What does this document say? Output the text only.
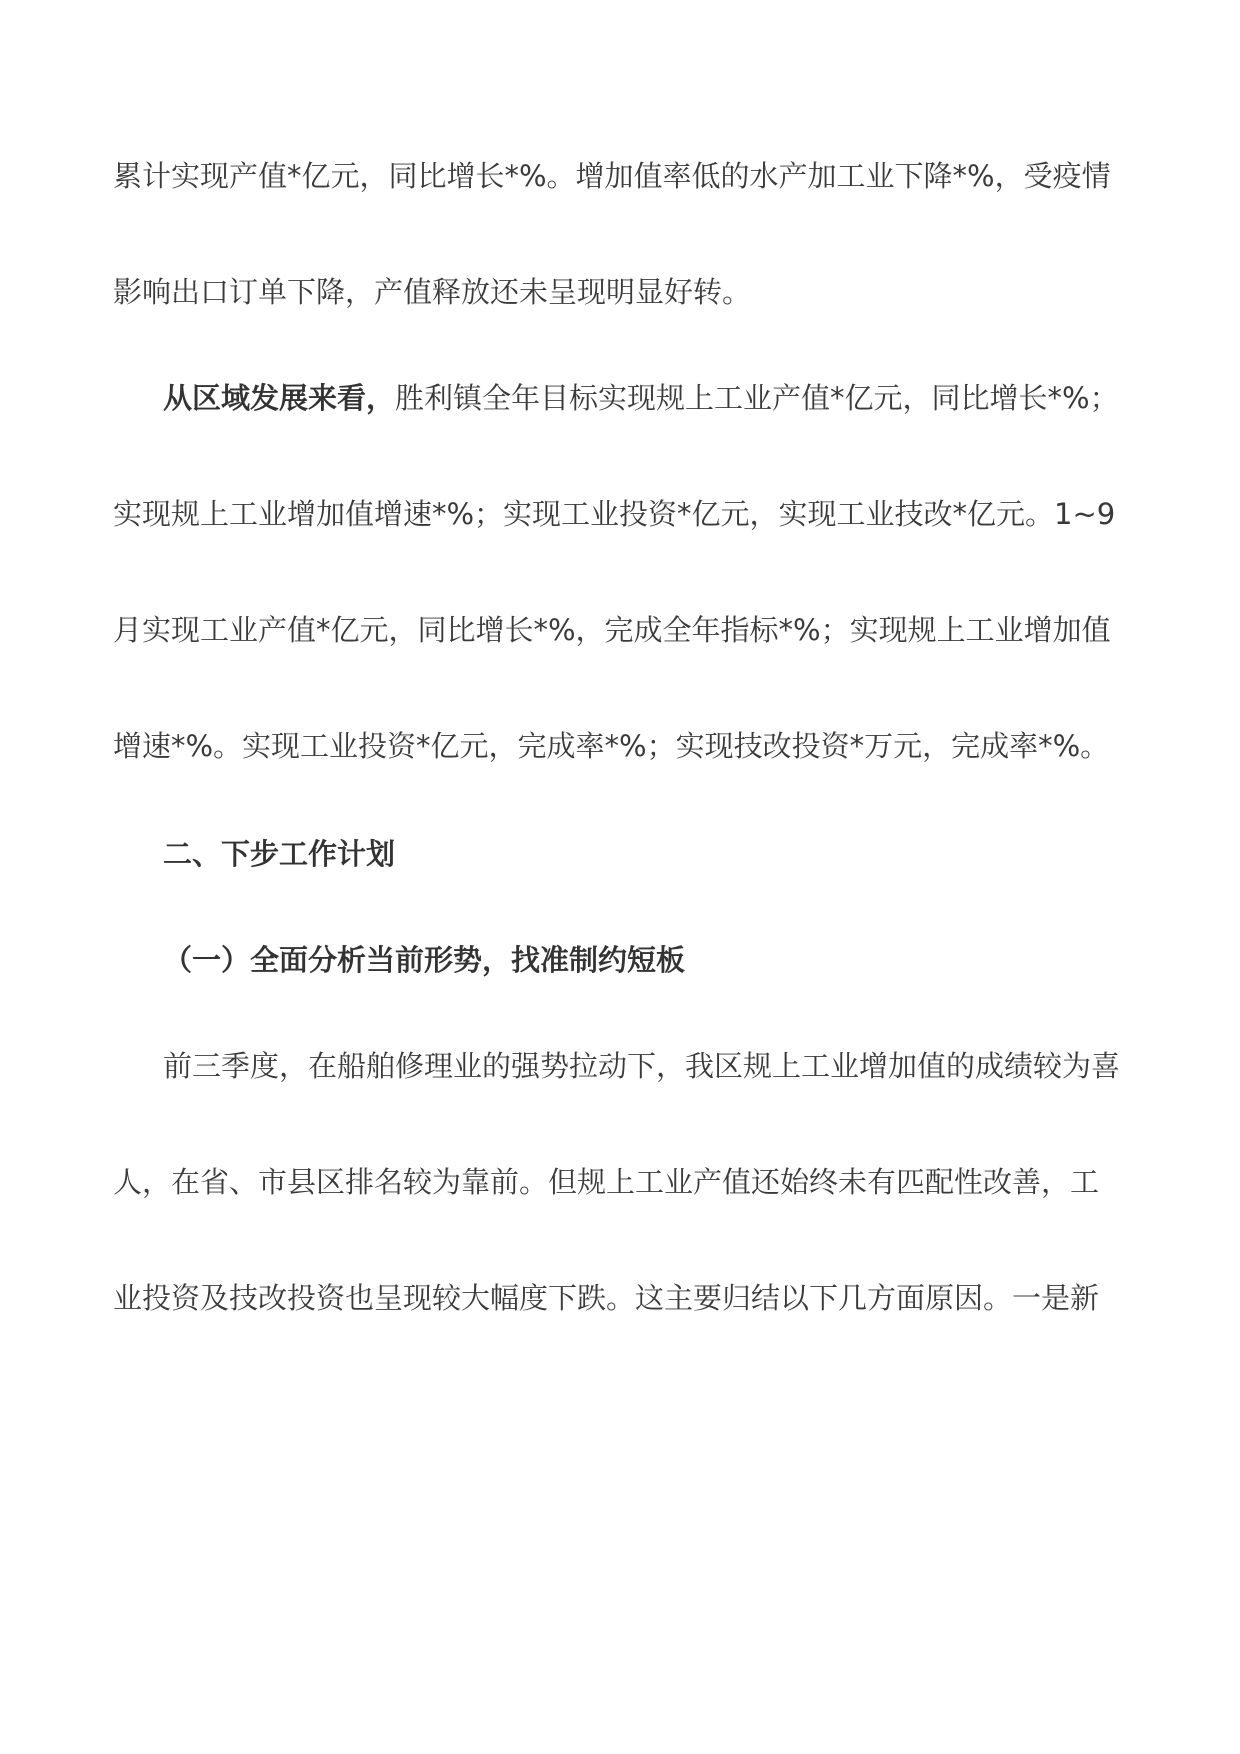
累计实现产值*亿元，同比增长*%。增加值率低的水产加工业下降*%，受疫情
影响出口订单下降，产值释放还未呈现明显好转。
从区域发展来看，胜利镇全年目标实现规上工业产值*亿元，同比增长*%；
实现规上工业增加值增速*%；实现工业投资*亿元，实现工业技改*亿元。1~9
月实现工业产值*亿元，同比增长*%，完成全年指标*%；实现规上工业增加值
增速*%。实现工业投资*亿元，完成率*%；实现技改投资*万元，完成率*%。
二、下步工作计划
（一）全面分析当前形势，找准制约短板
前三季度，在船舶修理业的强势拉动下，我区规上工业增加值的成绩较为喜
人，在省、市县区排名较为靠前。但规上工业产值还始终未有匹配性改善，工
业投资及技改投资也呈现较大幅度下跌。这主要归结以下几方面原因。一是新
